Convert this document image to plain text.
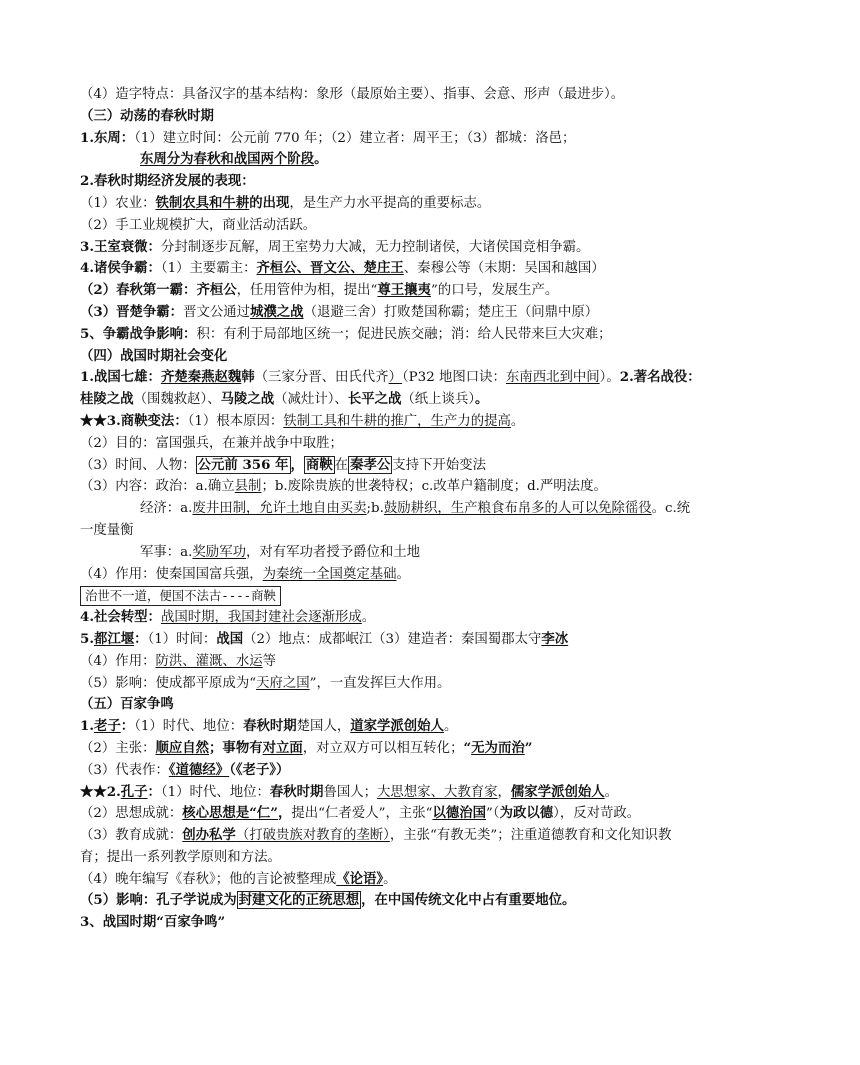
（4）造字特点：具备汉字的基本结构：象形（最原始主要）、指事、会意、形声（最进步）。
（三）动荡的春秋时期
1.东周：（1）建立时间：公元前 770 年；（2）建立者：周平王；（3）都城：洛邑；
东周分为春秋和战国两个阶段。
2.春秋时期经济发展的表现：
（1）农业：铁制农具和牛耕的出现，是生产力水平提高的重要标志。
（2）手工业规模扩大，商业活动活跃。
3.王室衰微：分封制逐步瓦解，周王室势力大减，无力控制诸侯，大诸侯国竞相争霸。
4.诸侯争霸：（1）主要霸主：齐桓公、晋文公、楚庄王、秦穆公等（末期：吴国和越国）
（2）春秋第一霸：齐桓公，任用管仲为相，提出“尊王攘夷”的口号，发展生产。
（3）晋楚争霸：晋文公通过城濮之战（退避三舍）打败楚国称霸；楚庄王（问鼎中原）
5、争霸战争影响：积：有利于局部地区统一；促进民族交融；消：给人民带来巨大灾难；
（四）战国时期社会变化
1.战国七雄：齐楚秦燕赵魏韩（三家分晋、田氏代齐）（P32 地图口诀：东南西北到中间）。2.著名战役：
桂陵之战（围魏救赵）、马陵之战（减灶计）、长平之战（纸上谈兵）。
★★3.商鞅变法：（1）根本原因：铁制工具和牛耕的推广，生产力的提高。
（2）目的：富国强兵，在兼并战争中取胜；
（3）时间、人物： 公元前 356 年 ， 商鞅 在 秦孝公 支持下开始变法
（3）内容：政治：a.确立县制；b.废除贵族的世袭特权；c.改革户籍制度；d.严明法度。
经济：a.废井田制，允许土地自由买卖;b.鼓励耕织，生产粮食布帛多的人可以免除徭役。c.统
一度量衡
军事：a.奖励军功，对有军功者授予爵位和土地
（4）作用：使秦国国富兵强，为秦统一全国奠定基础。
治世不一道，便国不法古----商鞅
4.社会转型：战国时期，我国封建社会逐渐形成。
5.都江堰：（1）时间：战国（2）地点：成都岷江（3）建造者：秦国蜀郡太守李冰
（4）作用：防洪、灌溉、水运等
（5）影响：使成都平原成为“天府之国”，一直发挥巨大作用。
（五）百家争鸣
1.老子：（1）时代、地位：春秋时期楚国人，道家学派创始人。
（2）主张：顺应自然；事物有对立面，对立双方可以相互转化；“无为而治”
（3）代表作：《道德经》（《老子》）
★★2.孔子：（1）时代、地位：春秋时期鲁国人；大思想家、大教育家，儒家学派创始人。
（2）思想成就：核心思想是“仁”，提出“仁者爱人”，主张“以德治国”（为政以德），反对苛政。
（3）教育成就：创办私学（打破贵族对教育的垄断），主张“有教无类”；注重道德教育和文化知识教
育；提出一系列教学原则和方法。
（4）晚年编写《春秋》；他的言论被整理成《论语》。
（5）影响：孔子学说成为 封建文化的正统思想 ，在中国传统文化中占有重要地位。
3、战国时期“百家争鸣”
